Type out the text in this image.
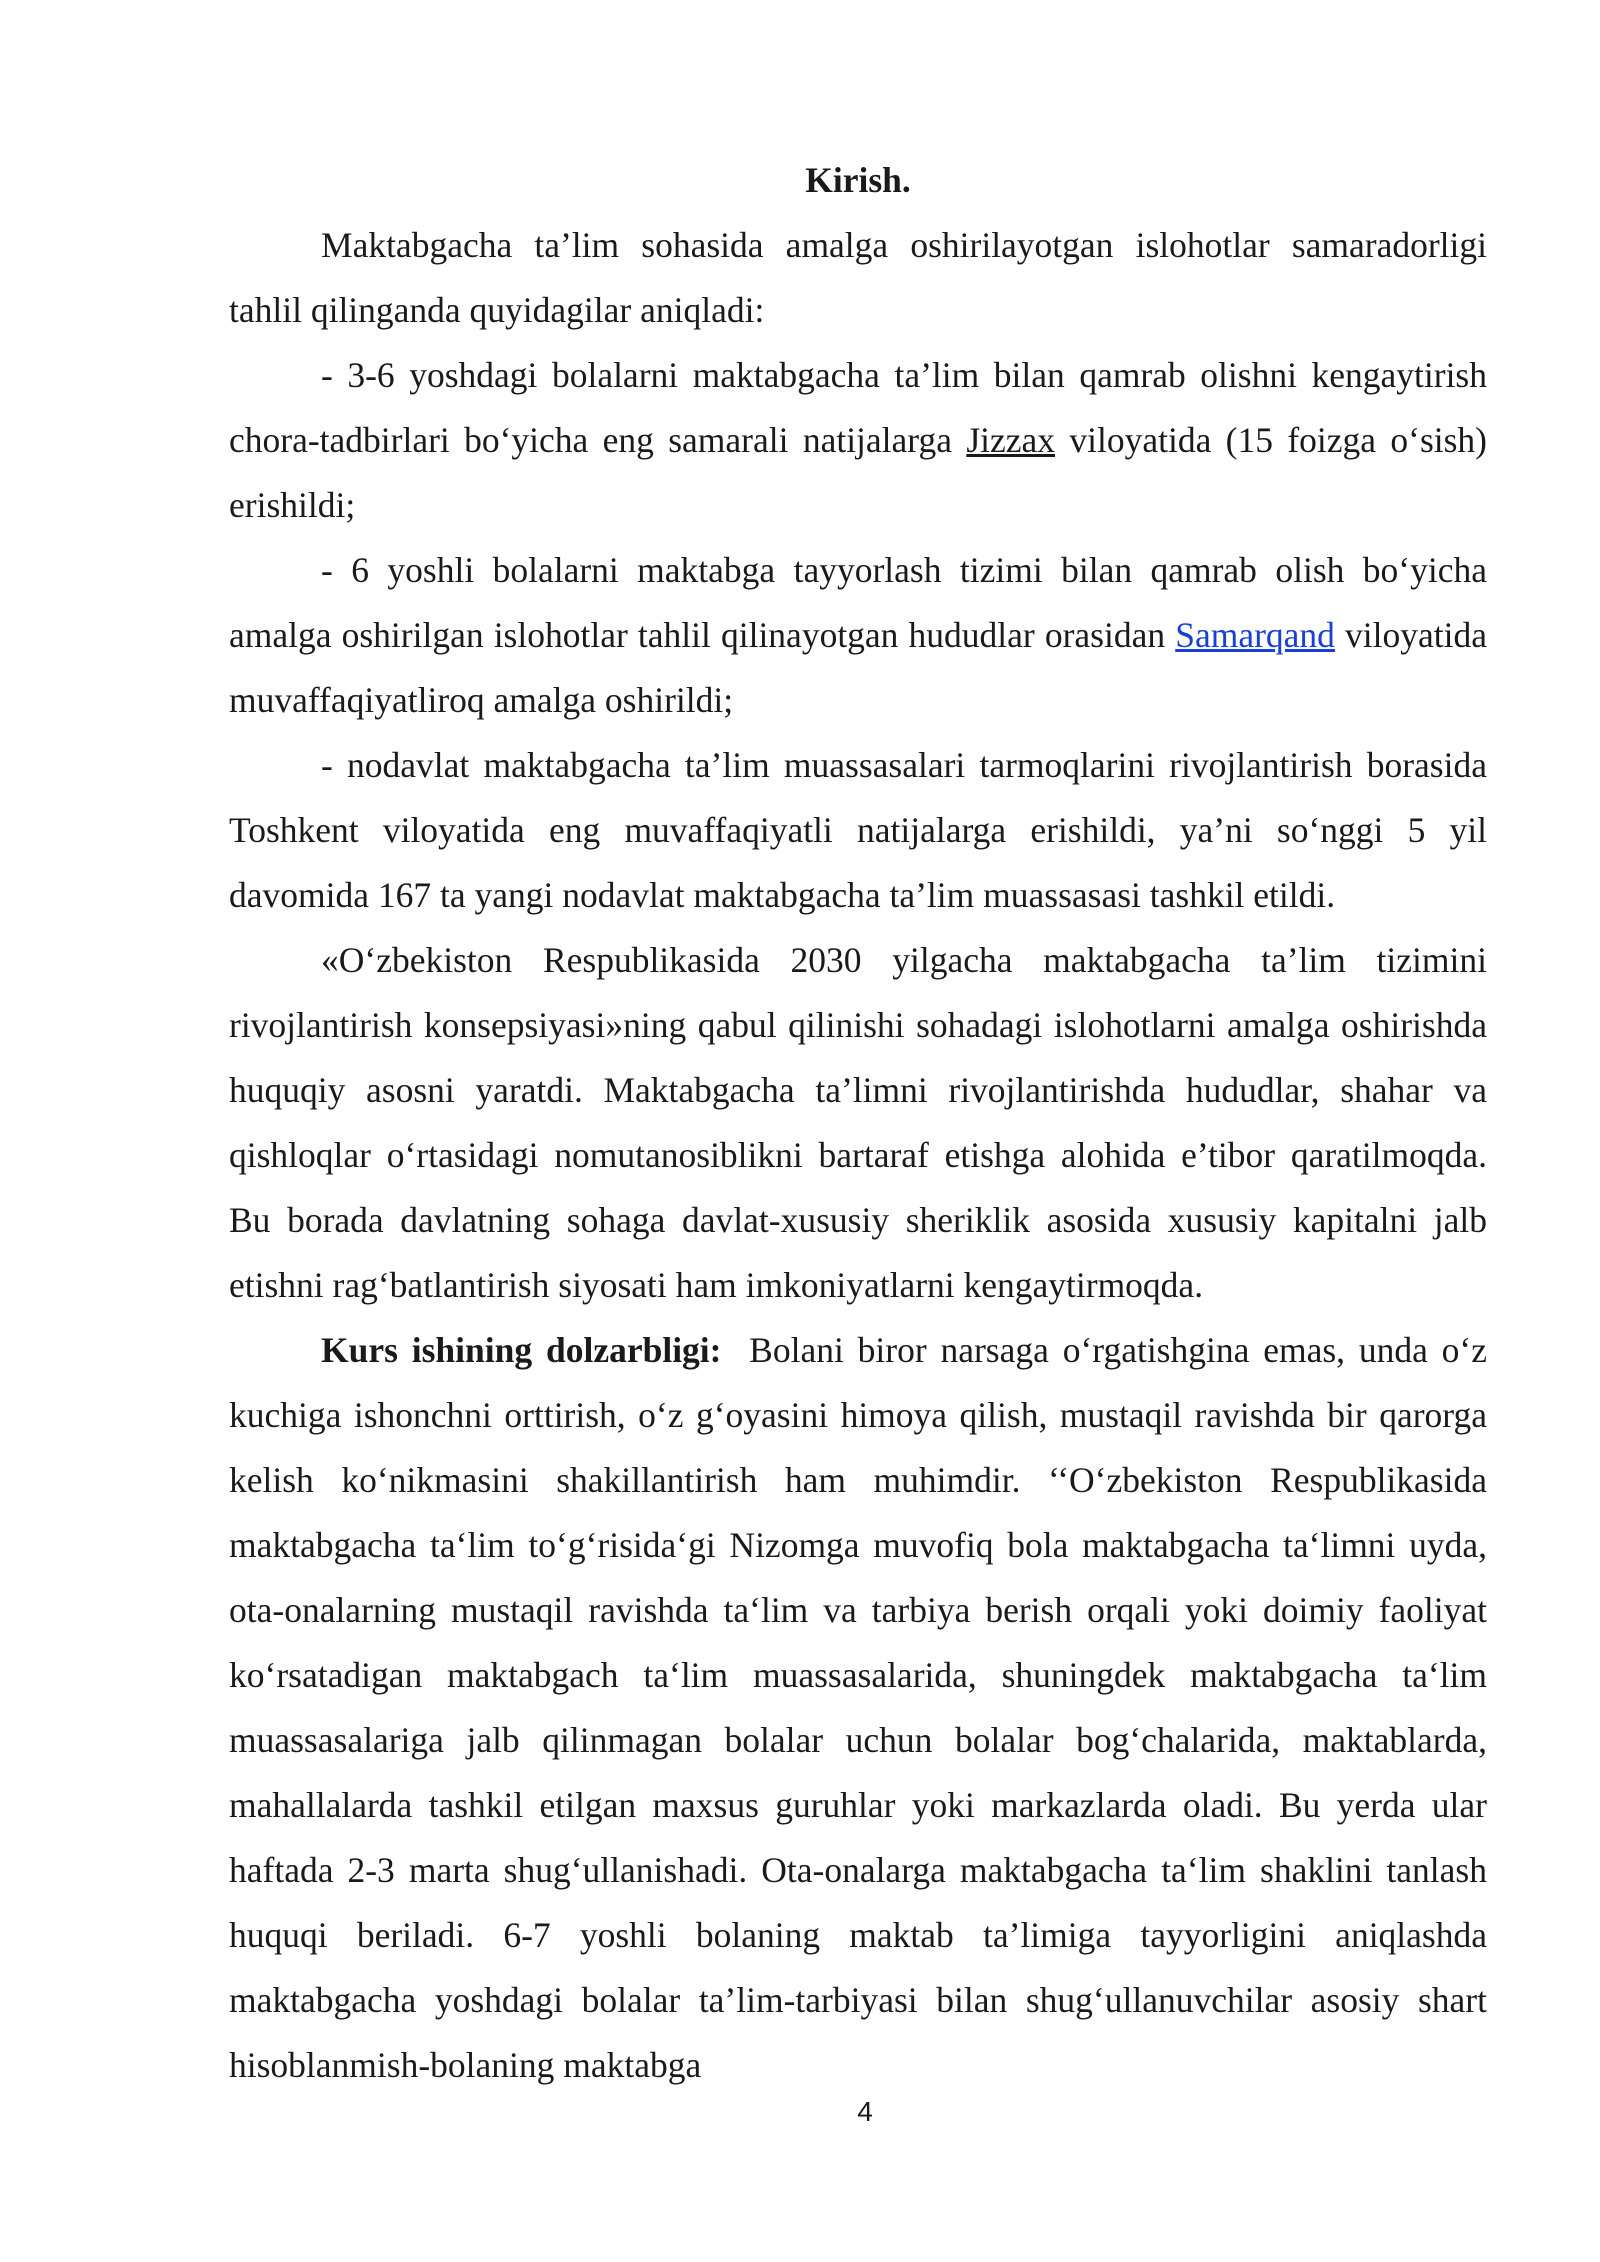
Kirish.

Maktabgacha ta’lim sohasida amalga oshirilayotgan islohotlar samaradorligi tahlil qilinganda quyidagilar aniqladi:

- 3-6 yoshdagi bolalarni maktabgacha ta’lim bilan qamrab olishni kengaytirish chora-tadbirlari bo‘yicha eng samarali natijalarga Jizzax viloyatida (15 foizga o‘sish) erishildi;

- 6 yoshli bolalarni maktabga tayyorlash tizimi bilan qamrab olish bo‘yicha amalga oshirilgan islohotlar tahlil qilinayotgan hududlar orasidan Samarqand viloyatida muvaffaqiyatliroq amalga oshirildi;

- nodavlat maktabgacha ta’lim muassasalari tarmoqlarini rivojlantirish borasida Toshkent viloyatida eng muvaffaqiyatli natijalarga erishildi, ya’ni so‘nggi 5 yil davomida 167 ta yangi nodavlat maktabgacha ta’lim muassasasi tashkil etildi.

«O‘zbekiston Respublikasida 2030 yilgacha maktabgacha ta’lim tizimini rivojlantirish konsepsiyasi»ning qabul qilinishi sohadagi islohotlarni amalga oshirishda huquqiy asosni yaratdi. Maktabgacha ta’limni rivojlantirishda hududlar, shahar va qishloqlar o‘rtasidagi nomutanosiblikni bartaraf etishga alohida e’tibor qaratilmoqda. Bu borada davlatning sohaga davlat-xususiy sheriklik asosida xususiy kapitalni jalb etishni rag‘batlantirish siyosati ham imkoniyatlarni kengaytirmoqda.

Kurs ishining dolzarbligi:  Bolani biror narsaga o‘rgatishgina emas, unda o‘z kuchiga ishonchni orttirish, o‘z g‘oyasini himoya qilish, mustaqil ravishda bir qarorga kelish ko‘nikmasini shakillantirish ham muhimdir. ‘‘O‘zbekiston Respublikasida maktabgacha ta‘lim to‘g‘risida‘gi Nizomga muvofiq bola maktabgacha ta‘limni uyda, ota-onalarning mustaqil ravishda ta‘lim va tarbiya berish orqali yoki doimiy faoliyat ko‘rsatadigan maktabgach ta‘lim muassasalarida, shuningdek maktabgacha ta‘lim muassasalariga jalb qilinmagan bolalar uchun bolalar bog‘chalarida, maktablarda, mahallalarda tashkil etilgan maxsus guruhlar yoki markazlarda oladi. Bu yerda ular haftada 2-3 marta shug‘ullanishadi. Ota-onalarga maktabgacha ta‘lim shaklini tanlash huquqi beriladi. 6-7 yoshli bolaning maktab ta’limiga tayyorligini aniqlashda maktabgacha yoshdagi bolalar ta’lim-tarbiyasi bilan shug‘ullanuvchilar asosiy shart hisoblanmish-bolaning maktabga

4
